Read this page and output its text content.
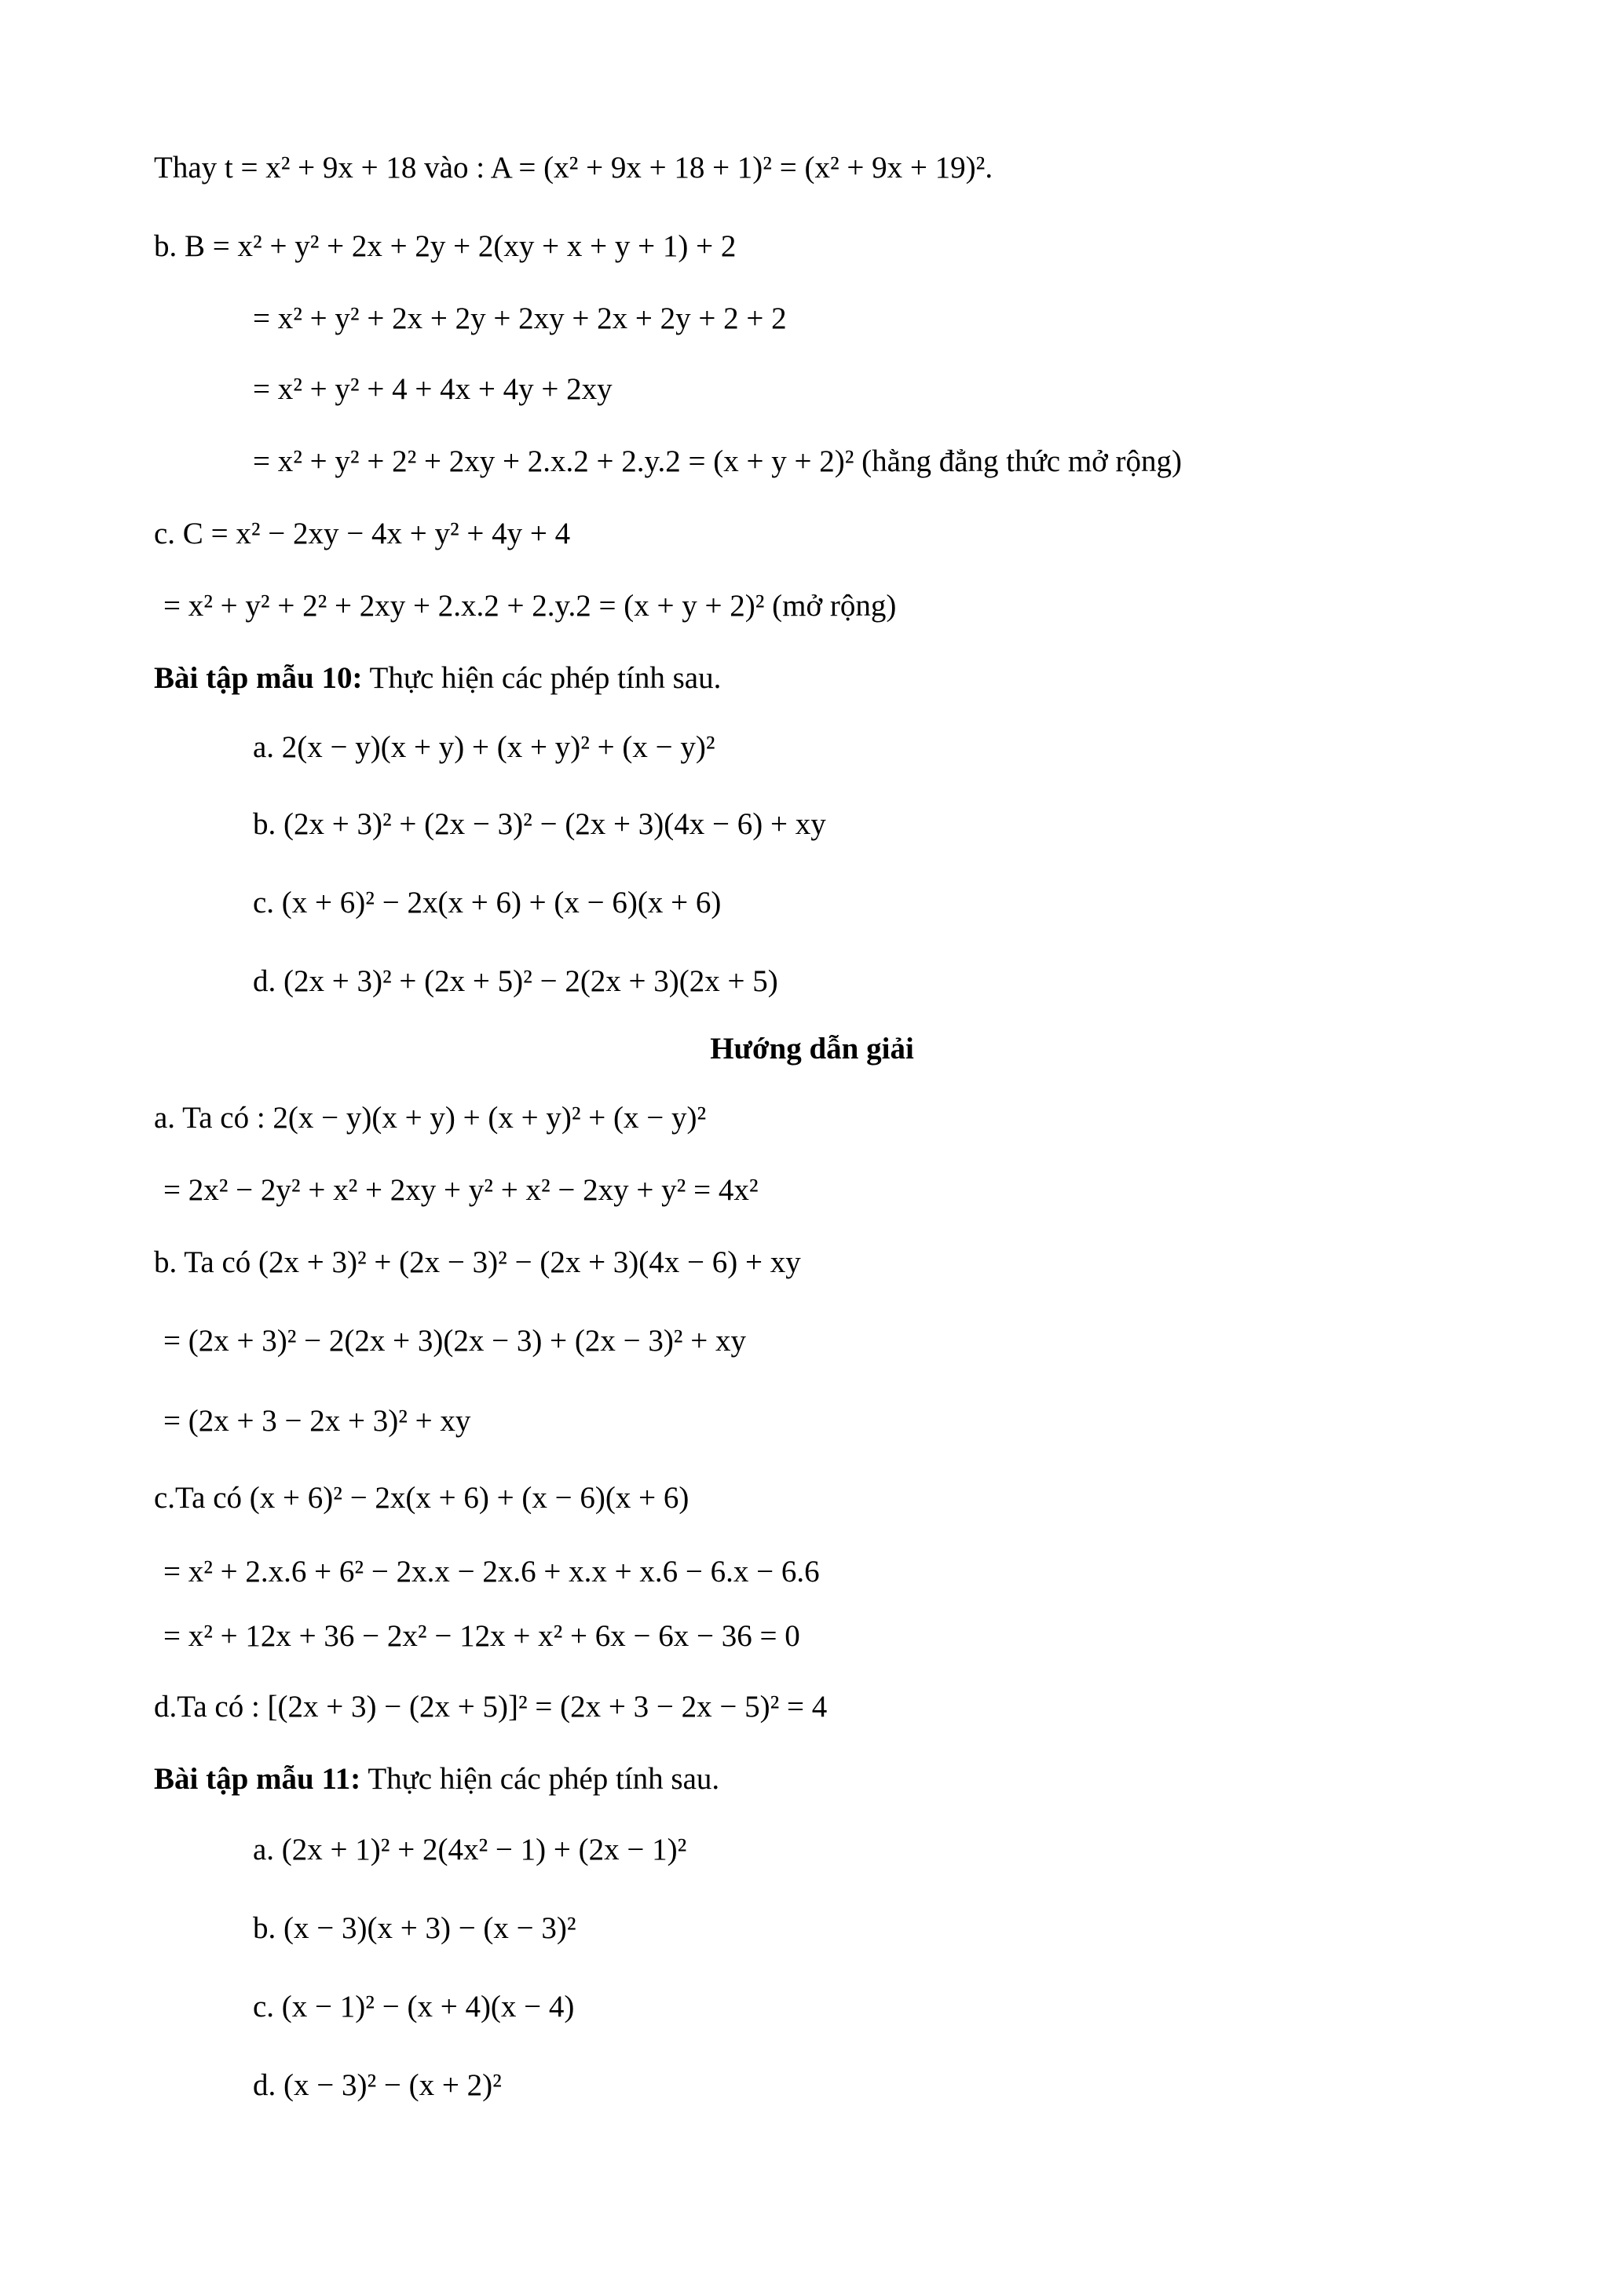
Thay t = x² + 9x + 18 vào : A = (x² + 9x + 18 + 1)² = (x² + 9x + 19)².
b. B = x² + y² + 2x + 2y + 2(xy + x + y + 1) + 2
= x² + y² + 2x + 2y + 2xy + 2x + 2y + 2 + 2
= x² + y² + 4 + 4x + 4y + 2xy
= x² + y² + 2² + 2xy + 2.x.2 + 2.y.2 = (x + y + 2)² (hằng đẳng thức mở rộng)
c. C = x² − 2xy − 4x + y² + 4y + 4
= x² + y² + 2² + 2xy + 2.x.2 + 2.y.2 = (x + y + 2)² (mở rộng)
Bài tập mẫu 10: Thực hiện các phép tính sau.
a. 2(x − y)(x + y) + (x + y)² + (x − y)²
b. (2x + 3)² + (2x − 3)² − (2x + 3)(4x − 6) + xy
c. (x + 6)² − 2x(x + 6) + (x − 6)(x + 6)
d. (2x + 3)² + (2x + 5)² − 2(2x + 3)(2x + 5)
Hướng dẫn giải
a. Ta có : 2(x − y)(x + y) + (x + y)² + (x − y)²
= 2x² − 2y² + x² + 2xy + y² + x² − 2xy + y² = 4x²
b. Ta có (2x + 3)² + (2x − 3)² − (2x + 3)(4x − 6) + xy
= (2x + 3)² − 2(2x + 3)(2x − 3) + (2x − 3)² + xy
= (2x + 3 − 2x + 3)² + xy
c.Ta có (x + 6)² − 2x(x + 6) + (x − 6)(x + 6)
= x² + 2.x.6 + 6² − 2x.x − 2x.6 + x.x + x.6 − 6.x − 6.6
= x² + 12x + 36 − 2x² − 12x + x² + 6x − 6x − 36 = 0
d.Ta có : [(2x + 3) − (2x + 5)]² = (2x + 3 − 2x − 5)² = 4
Bài tập mẫu 11: Thực hiện các phép tính sau.
a. (2x + 1)² + 2(4x² − 1) + (2x − 1)²
b. (x − 3)(x + 3) − (x − 3)²
c. (x − 1)² − (x + 4)(x − 4)
d. (x − 3)² − (x + 2)²
